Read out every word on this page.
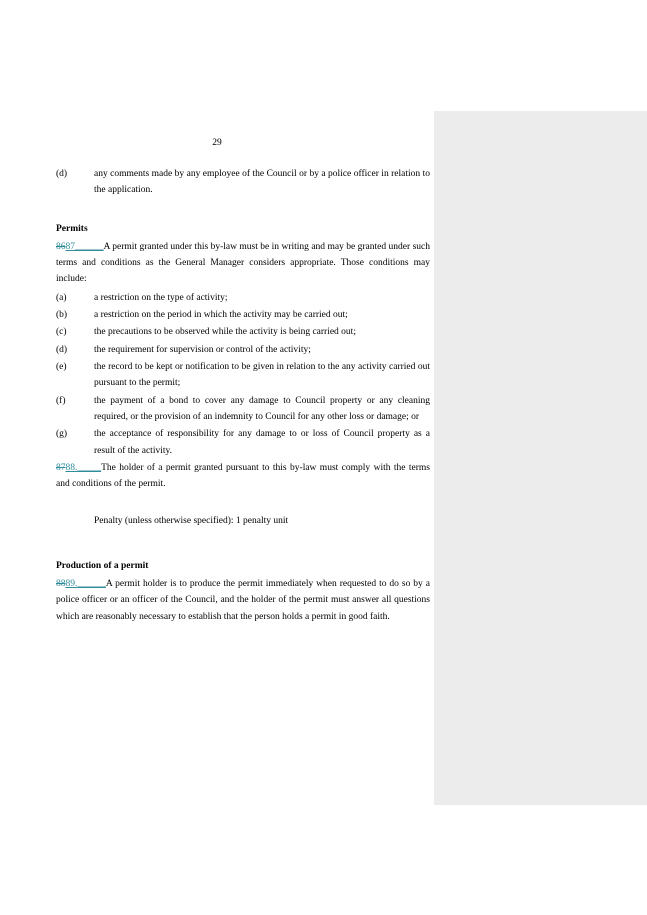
29
(d)	any comments made by any employee of the Council or by a police officer in relation to the application.
Permits
8687______A permit granted under this by-law must be in writing and may be granted under such terms and conditions as the General Manager considers appropriate. Those conditions may include:
(a)	a restriction on the type of activity;
(b)	a restriction on the period in which the activity may be carried out;
(c)	the precautions to be observed while the activity is being carried out;
(d)	the requirement for supervision or control of the activity;
(e)	the record to be kept or notification to be given in relation to the any activity carried out pursuant to the permit;
(f)	the payment of a bond to cover any damage to Council property or any cleaning required, or the provision of an indemnity to Council for any other loss or damage; or
(g)	the acceptance of responsibility for any damage to or loss of Council property as a result of the activity.
8788._____The holder of a permit granted pursuant to this by-law must comply with the terms and conditions of the permit.
Penalty (unless otherwise specified): 1 penalty unit
Production of a permit
8889.______A permit holder is to produce the permit immediately when requested to do so by a police officer or an officer of the Council, and the holder of the permit must answer all questions which are reasonably necessary to establish that the person holds a permit in good faith.
